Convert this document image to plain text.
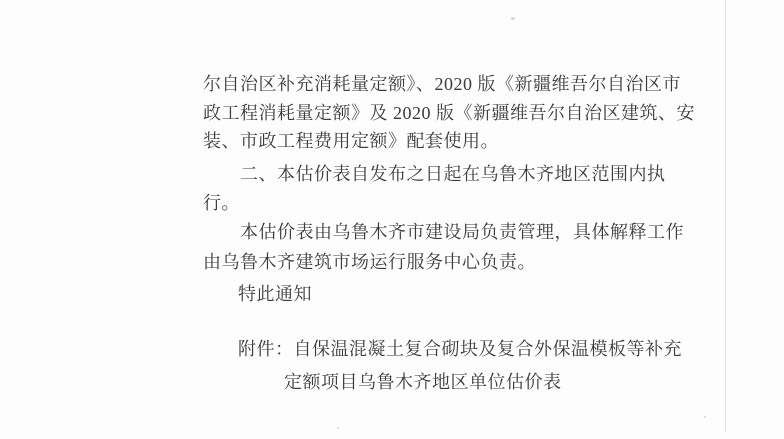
尔自治区补充消耗量定额》、2020 版《新疆维吾尔自治区市
政工程消耗量定额》及 2020 版《新疆维吾尔自治区建筑、安
装、市政工程费用定额》配套使用。
二、本估价表自发布之日起在乌鲁木齐地区范围内执
行。
本估价表由乌鲁木齐市建设局负责管理，具体解释工作
由乌鲁木齐建筑市场运行服务中心负责。
特此通知
附件：自保温混凝土复合砌块及复合外保温模板等补充
定额项目乌鲁木齐地区单位估价表
